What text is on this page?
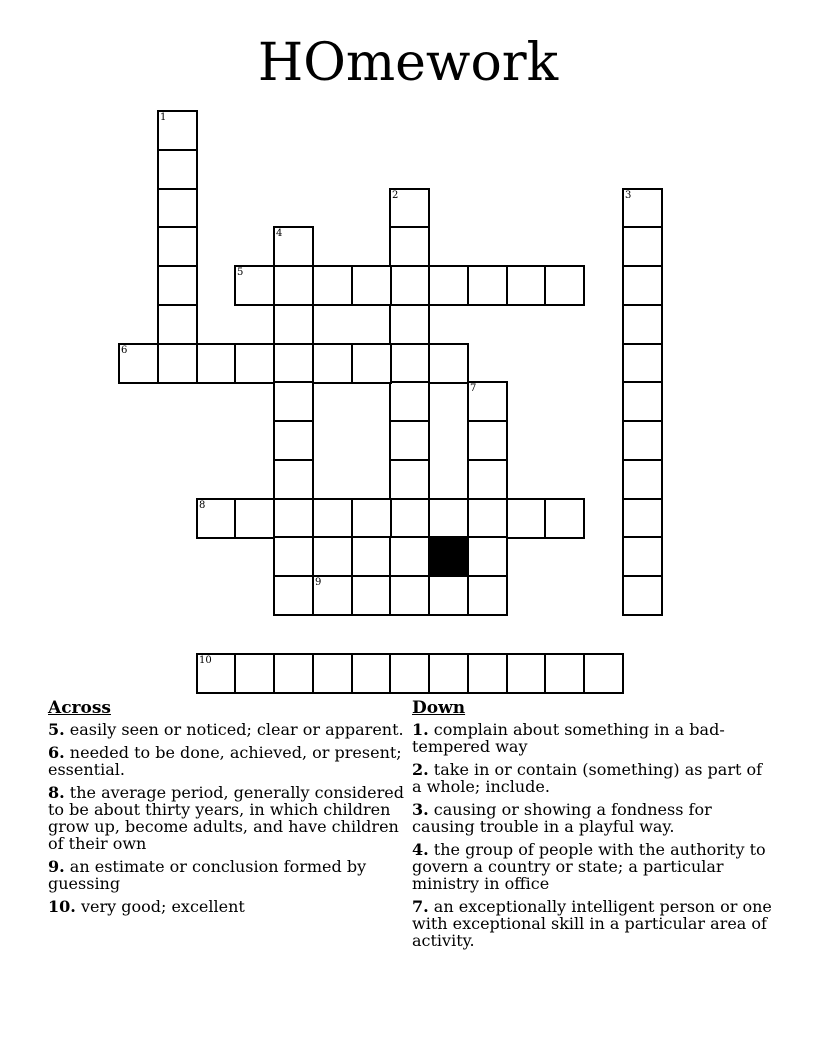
HOmework
1
2	3
4
5
6
7
8
9
10
Across
5. easily seen or noticed; clear or apparent.
6. needed to be done, achieved, or present; essential.
8. the average period, generally considered to be about thirty years, in which children grow up, become adults, and have children of their own
9. an estimate or conclusion formed by guessing
10. very good; excellent
Down
1. complain about something in a bad-tempered way
2. take in or contain (something) as part of a whole; include.
3. causing or showing a fondness for causing trouble in a playful way.
4. the group of people with the authority to govern a country or state; a particular ministry in office
7. an exceptionally intelligent person or one with exceptional skill in a particular area of activity.
